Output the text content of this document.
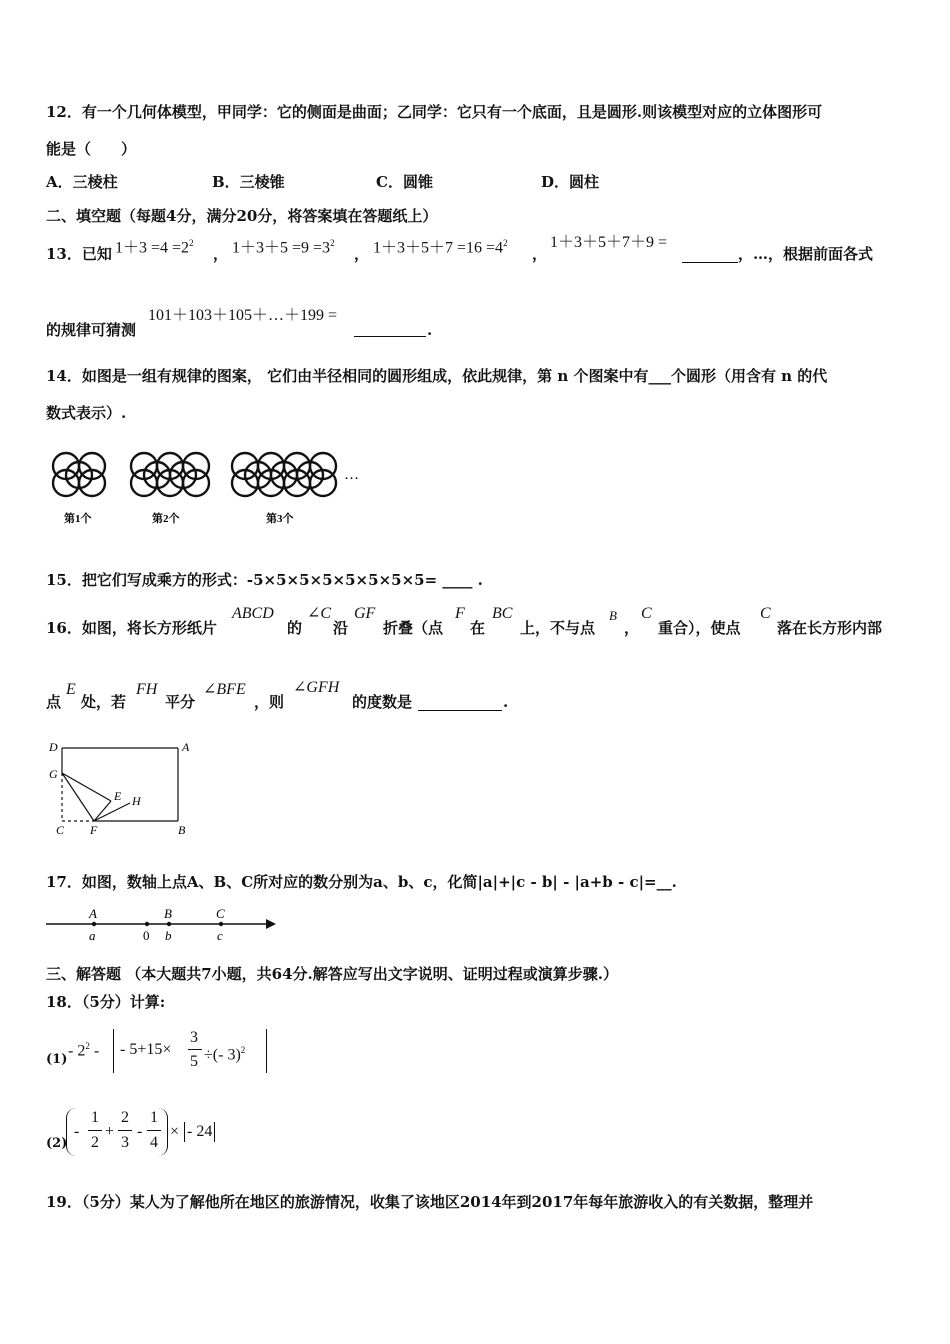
12．有一个几何体模型，甲同学：它的侧面是曲面；乙同学：它只有一个底面，且是圆形.则该模型对应的立体图形可
能是（　　）
A．三棱柱	B．三棱锥	C．圆锥	D．圆柱
二、填空题（每题4分，满分20分，将答案填在答题纸上）
13．已知 $1+3 =4 =2^2$
， $1+3+5 =9 =3^2$
， $1+3+5+7 =16 =4^2$
，
1＋3＋5＋7＋9 =
，…，根据前面各式
的规律可猜测
101＋103＋105＋…＋199 =
.
14．如图是一组有规律的图案， 它们由半径相同的圆形组成，依此规律，第 n 个图案中有___个圆形（用含有 n 的代
数式表示）.
…
第1个	第2个	第3个
15．把它们写成乘方的形式：-5×5×5×5×5×5×5×5= ____ .
16．如图，将长方形纸片
ABCD
的
∠C
沿
GF
折叠（点
F
在
BC
上，不与点
B
，
C
重合），使点
C
落在长方形内部
点
E
处，若
FH
平分
∠BFE
，则
∠GFH
的度数是	.
D	A
G
E H
C F	B
17．如图，数轴上点A、B、C所对应的数分别为a、b、c，化简|a|+|c - b| - |a+b - c|=__.
A
a	0
B
b
C
c
三、解答题 （本大题共7小题，共64分.解答应写出文字说明、证明过程或演算步骤.）
18．（5分）计算:
(1)
- $2^2$ - - 5+15×
3
5 ÷(- 3)$^2$
(2)
-
1
2
+
2
3
-
1
4
× - 24
19．（5分）某人为了解他所在地区的旅游情况，收集了该地区2014年到2017年每年旅游收入的有关数据，整理并
